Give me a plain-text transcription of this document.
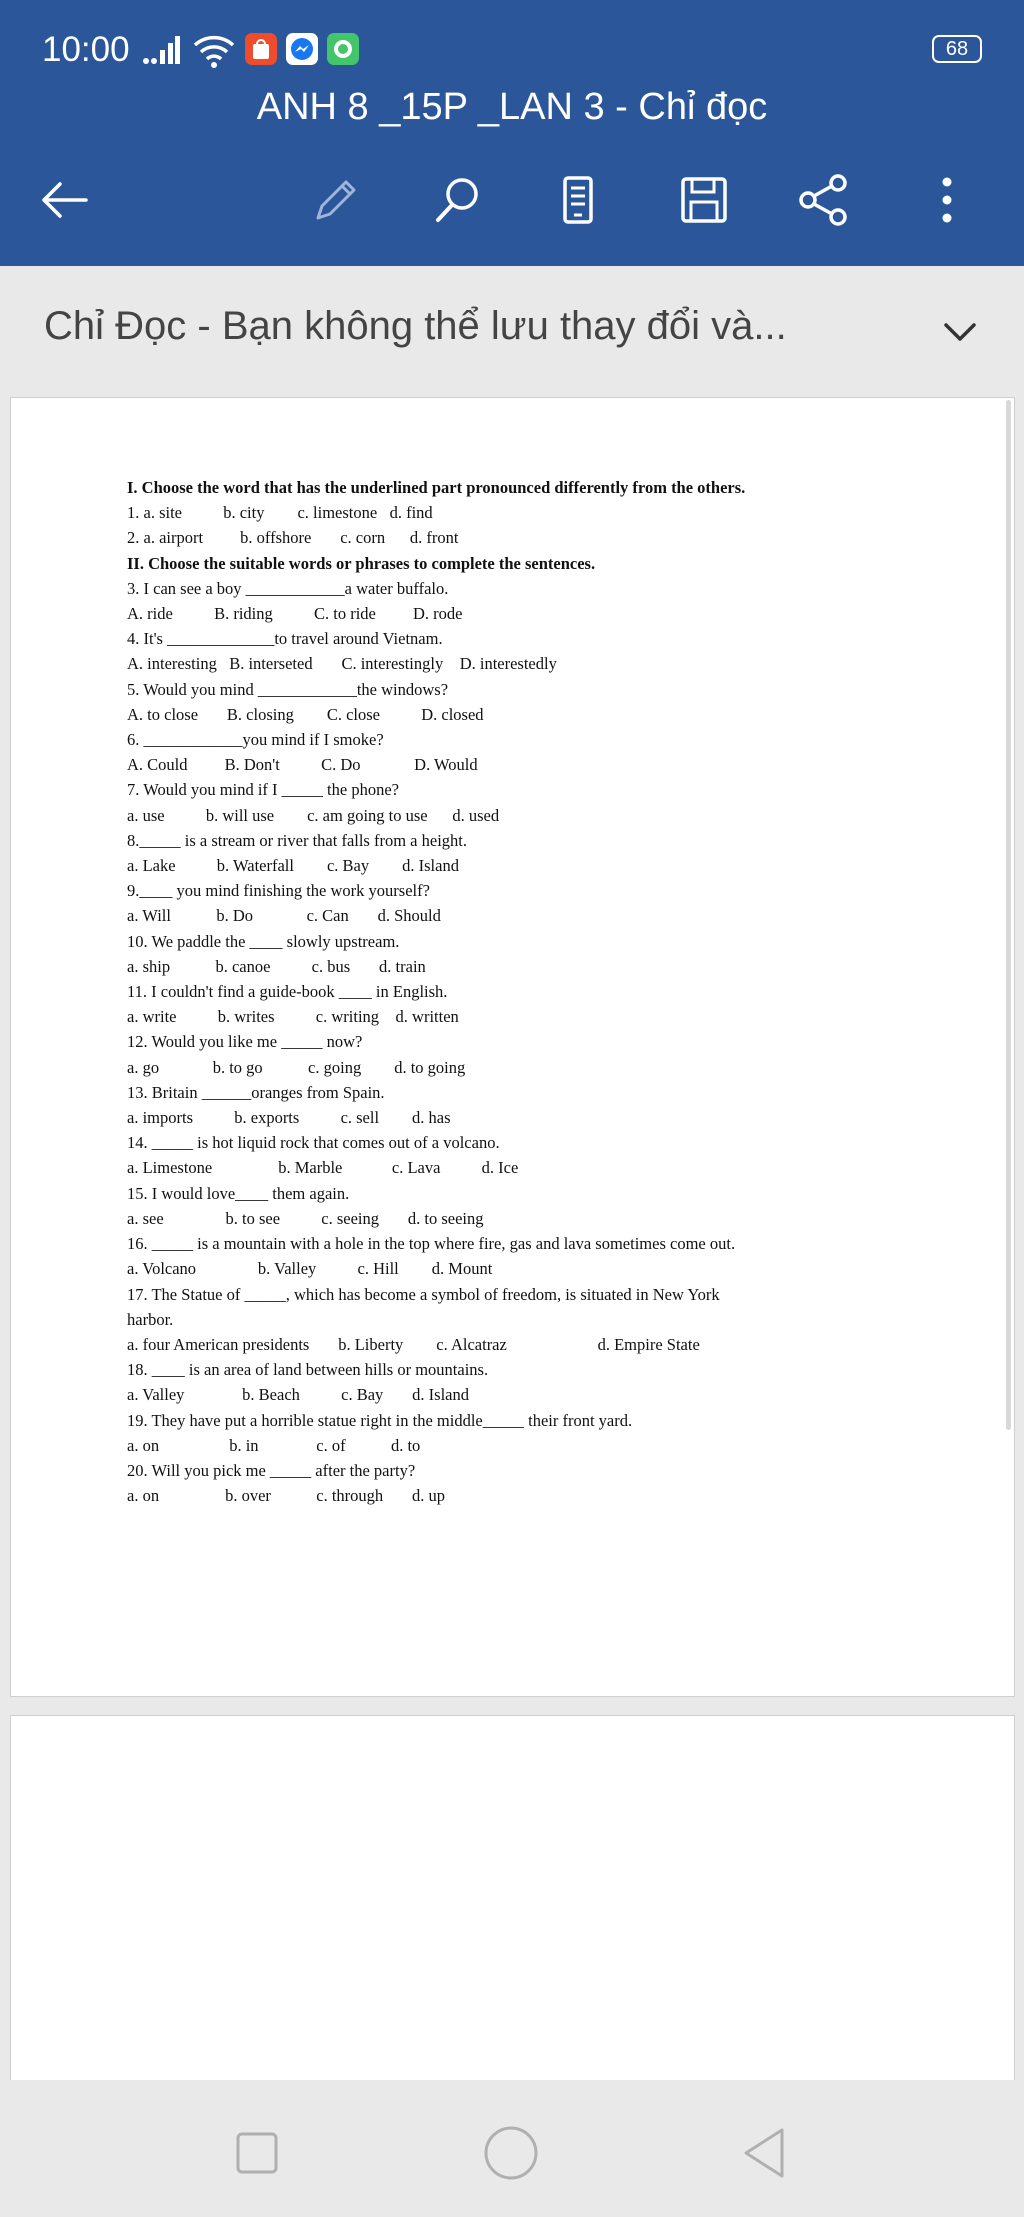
10:00	68
ANH 8 _15P _LAN 3 - Chỉ đọc
Chỉ Đọc - Bạn không thể lưu thay đổi và...
I. Choose the word that has the underlined part pronounced differently from the others.
1. a. site          b. city        c. limestone   d. find
2. a. airport         b. offshore       c. corn      d. front
II. Choose the suitable words or phrases to complete the sentences.
3. I can see a boy ____________a water buffalo.
A. ride          B. riding          C. to ride         D. rode
4. It's _____________to travel around Vietnam.
A. interesting   B. interseted       C. interestingly    D. interestedly
5. Would you mind ____________the windows?
A. to close       B. closing        C. close          D. closed
6. ____________you mind if I smoke?
A. Could         B. Don't          C. Do             D. Would
7. Would you mind if I _____ the phone?
a. use          b. will use        c. am going to use      d. used
8._____ is a stream or river that falls from a height.
a. Lake          b. Waterfall        c. Bay        d. Island
9.____ you mind finishing the work yourself?
a. Will           b. Do             c. Can       d. Should
10. We paddle the ____ slowly upstream.
a. ship           b. canoe          c. bus       d. train
11. I couldn't find a guide-book ____ in English.
a. write          b. writes          c. writing    d. written
12. Would you like me _____ now?
a. go             b. to go           c. going        d. to going
13. Britain ______oranges from Spain.
a. imports          b. exports          c. sell        d. has
14. _____ is hot liquid rock that comes out of a volcano.
a. Limestone                b. Marble            c. Lava          d. Ice
15. I would love____ them again.
a. see               b. to see          c. seeing       d. to seeing
16. _____ is a mountain with a hole in the top where fire, gas and lava sometimes come out.
a. Volcano               b. Valley          c. Hill        d. Mount
17. The Statue of _____, which has become a symbol of freedom, is situated in New York
harbor.
a. four American presidents       b. Liberty        c. Alcatraz                      d. Empire State
18. ____ is an area of land between hills or mountains.
a. Valley              b. Beach          c. Bay       d. Island
19. They have put a horrible statue right in the middle_____ their front yard.
a. on                 b. in              c. of           d. to
20. Will you pick me _____ after the party?
a. on                b. over           c. through       d. up
